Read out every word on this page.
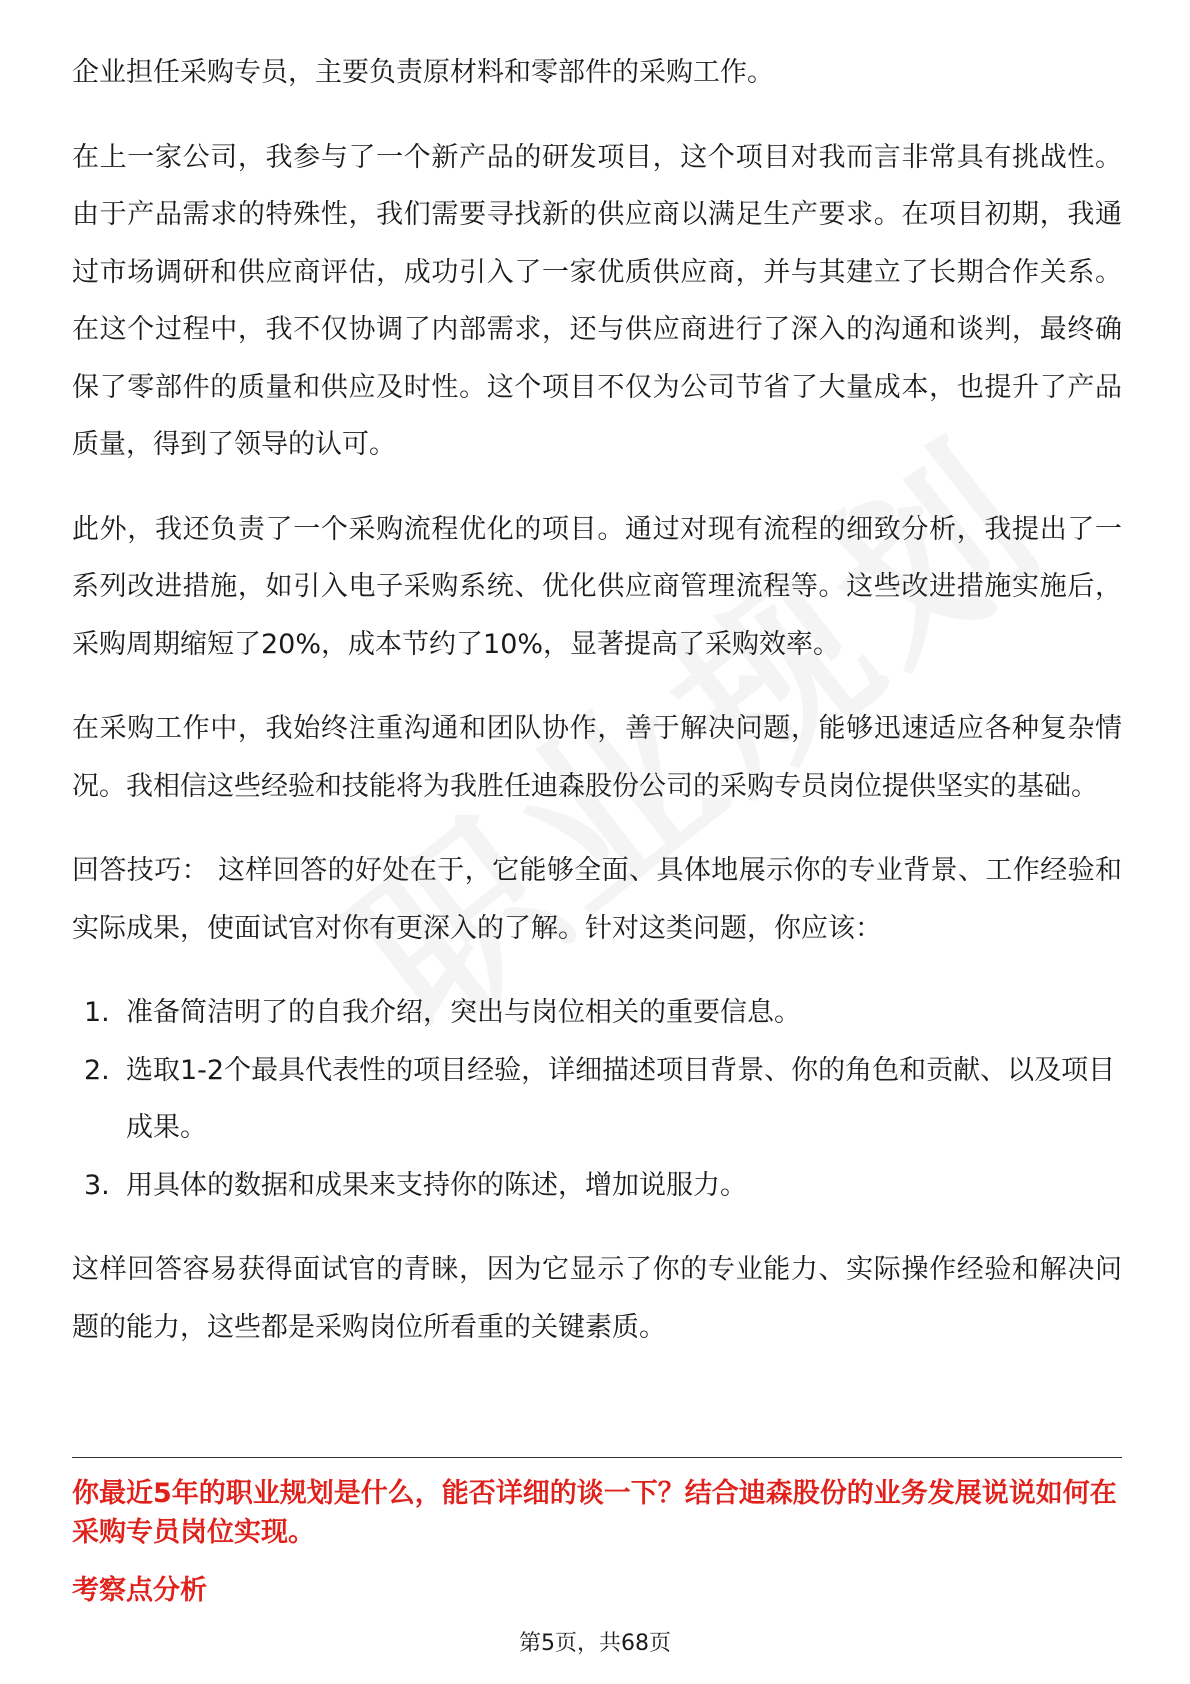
企业担任采购专员，主要负责原材料和零部件的采购工作。

在上一家公司，我参与了一个新产品的研发项目，这个项目对我而言非常具有挑战性。由于产品需求的特殊性，我们需要寻找新的供应商以满足生产要求。在项目初期，我通过市场调研和供应商评估，成功引入了一家优质供应商，并与其建立了长期合作关系。在这个过程中，我不仅协调了内部需求，还与供应商进行了深入的沟通和谈判，最终确保了零部件的质量和供应及时性。这个项目不仅为公司节省了大量成本，也提升了产品质量，得到了领导的认可。

此外，我还负责了一个采购流程优化的项目。通过对现有流程的细致分析，我提出了一系列改进措施，如引入电子采购系统、优化供应商管理流程等。这些改进措施实施后，采购周期缩短了20%，成本节约了10%，显著提高了采购效率。

在采购工作中，我始终注重沟通和团队协作，善于解决问题，能够迅速适应各种复杂情况。我相信这些经验和技能将为我胜任迪森股份公司的采购专员岗位提供坚实的基础。

回答技巧： 这样回答的好处在于，它能够全面、具体地展示你的专业背景、工作经验和实际成果，使面试官对你有更深入的了解。针对这类问题，你应该：

1. 准备简洁明了的自我介绍，突出与岗位相关的重要信息。
2. 选取1-2个最具代表性的项目经验，详细描述项目背景、你的角色和贡献、以及项目成果。
3. 用具体的数据和成果来支持你的陈述，增加说服力。

这样回答容易获得面试官的青睐，因为它显示了你的专业能力、实际操作经验和解决问题的能力，这些都是采购岗位所看重的关键素质。

你最近5年的职业规划是什么，能否详细的谈一下？结合迪森股份的业务发展说说如何在采购专员岗位实现。
考察点分析
第5页，共68页
